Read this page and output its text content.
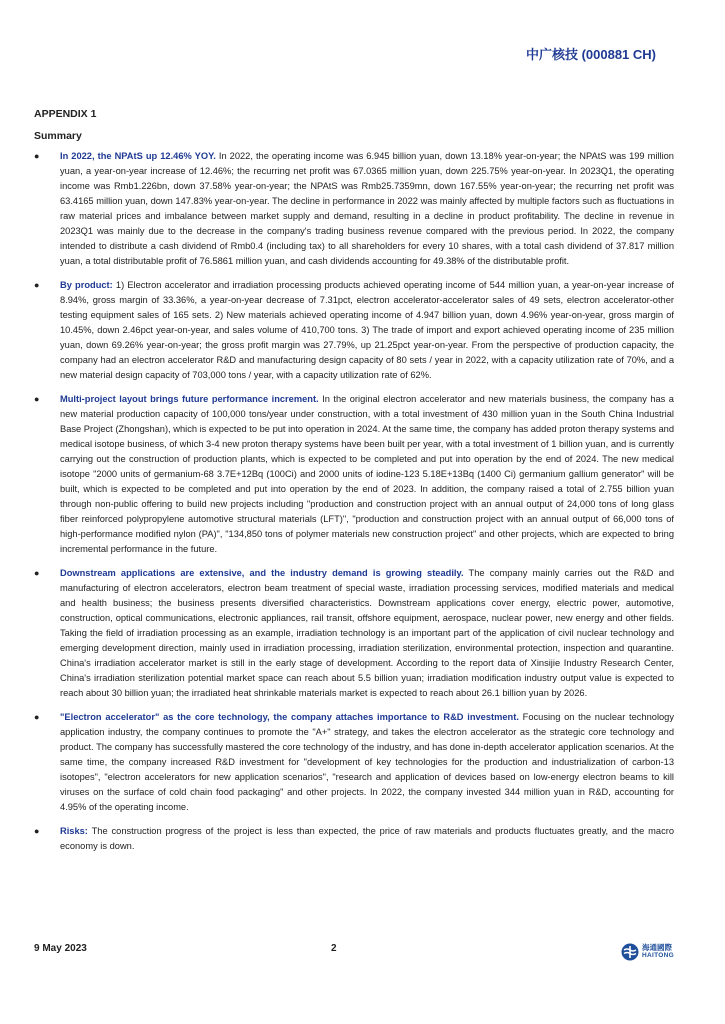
中广核技 (000881 CH)
APPENDIX 1
Summary
● In 2022, the NPAtS up 12.46% YOY. In 2022, the operating income was 6.945 billion yuan, down 13.18% year-on-year; the NPAtS was 199 million yuan, a year-on-year increase of 12.46%; the recurring net profit was 67.0365 million yuan, down 225.75% year-on-year. In 2023Q1, the operating income was Rmb1.226bn, down 37.58% year-on-year; the NPAtS was Rmb25.7359mn, down 167.55% year-on-year; the recurring net profit was 63.4165 million yuan, down 147.83% year-on-year. The decline in performance in 2022 was mainly affected by multiple factors such as fluctuations in raw material prices and imbalance between market supply and demand, resulting in a decline in product profitability. The decline in revenue in 2023Q1 was mainly due to the decrease in the company's trading business revenue compared with the previous period. In 2022, the company intended to distribute a cash dividend of Rmb0.4 (including tax) to all shareholders for every 10 shares, with a total cash dividend of 37.817 million yuan, a total distributable profit of 76.5861 million yuan, and cash dividends accounting for 49.38% of the distributable profit.
● By product: 1) Electron accelerator and irradiation processing products achieved operating income of 544 million yuan, a year-on-year increase of 8.94%, gross margin of 33.36%, a year-on-year decrease of 7.31pct, electron accelerator-accelerator sales of 49 sets, electron accelerator-other testing equipment sales of 165 sets. 2) New materials achieved operating income of 4.947 billion yuan, down 4.96% year-on-year, gross margin of 10.45%, down 2.46pct year-on-year, and sales volume of 410,700 tons. 3) The trade of import and export achieved operating income of 235 million yuan, down 69.26% year-on-year; the gross profit margin was 27.79%, up 21.25pct year-on-year. From the perspective of production capacity, the company had an electron accelerator R&D and manufacturing design capacity of 80 sets / year in 2022, with a capacity utilization rate of 70%, and a new material design capacity of 703,000 tons / year, with a capacity utilization rate of 62%.
● Multi-project layout brings future performance increment. In the original electron accelerator and new materials business, the company has a new material production capacity of 100,000 tons/year under construction, with a total investment of 430 million yuan in the South China Industrial Base Project (Zhongshan), which is expected to be put into operation in 2024. At the same time, the company has added proton therapy systems and medical isotope business, of which 3-4 new proton therapy systems have been built per year, with a total investment of 1 billion yuan, and is currently carrying out the construction of production plants, which is expected to be completed and put into operation by the end of 2024. The new medical isotope "2000 units of germanium-68 3.7E+12Bq (100Ci) and 2000 units of iodine-123 5.18E+13Bq (1400 Ci) germanium gallium generator" will be built, which is expected to be completed and put into operation by the end of 2023. In addition, the company raised a total of 2.755 billion yuan through non-public offering to build new projects including "production and construction project with an annual output of 24,000 tons of long glass fiber reinforced polypropylene automotive structural materials (LFT)", "production and construction project with an annual output of 66,000 tons of high-performance modified nylon (PA)", "134,850 tons of polymer materials new construction project" and other projects, which are expected to bring incremental performance in the future.
● Downstream applications are extensive, and the industry demand is growing steadily. The company mainly carries out the R&D and manufacturing of electron accelerators, electron beam treatment of special waste, irradiation processing services, modified materials and medical and health business; the business presents diversified characteristics. Downstream applications cover energy, electric power, automotive, construction, optical communications, electronic appliances, rail transit, offshore equipment, aerospace, nuclear power, new energy and other fields. Taking the field of irradiation processing as an example, irradiation technology is an important part of the application of civil nuclear technology and emerging development direction, mainly used in irradiation processing, irradiation sterilization, environmental protection, inspection and quarantine. China's irradiation accelerator market is still in the early stage of development. According to the report data of Xinsijie Industry Research Center, China's irradiation sterilization potential market space can reach about 5.5 billion yuan; irradiation modification industry output value is expected to reach about 30 billion yuan; the irradiated heat shrinkable materials market is expected to reach about 26.1 billion yuan by 2026.
● "Electron accelerator" as the core technology, the company attaches importance to R&D investment. Focusing on the nuclear technology application industry, the company continues to promote the "A+" strategy, and takes the electron accelerator as the strategic core technology and product. The company has successfully mastered the core technology of the industry, and has done in-depth accelerator application scenarios. At the same time, the company increased R&D investment for "development of key technologies for the production and industrialization of carbon-13 isotopes", "electron accelerators for new application scenarios", "research and application of devices based on low-energy electron beams to kill viruses on the surface of cold chain food packaging" and other projects. In 2022, the company invested 344 million yuan in R&D, accounting for 4.95% of the operating income.
● Risks: The construction progress of the project is less than expected, the price of raw materials and products fluctuates greatly, and the macro economy is down.
9 May 2023	2	海通國際
HAITONG
